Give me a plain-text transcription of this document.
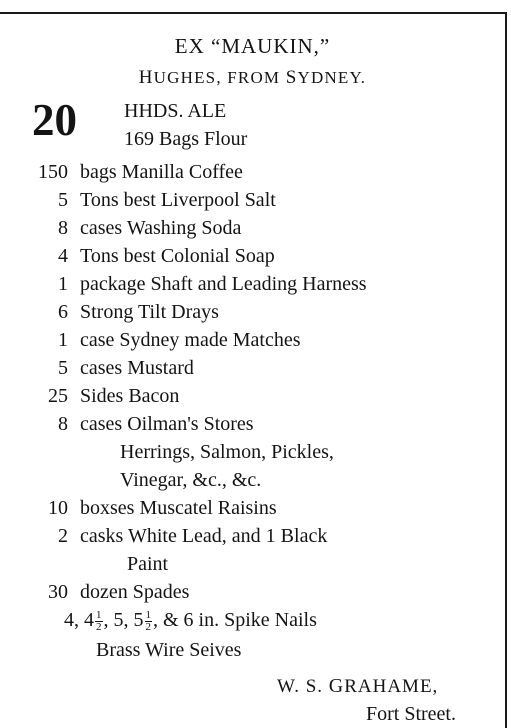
EX “MAUKIN,”
HUGHES, FROM SYDNEY.
20 HHDS. ALE
169 Bags Flour
150 bags Manilla Coffee
5 Tons best Liverpool Salt
8 cases Washing Soda
4 Tons best Colonial Soap
1 package Shaft and Leading Harness
6 Strong Tilt Drays
1 case Sydney made Matches
5 cases Mustard
25 Sides Bacon
8 cases Oilman's Stores
Herrings, Salmon, Pickles,
Vinegar, &c., &c.
10 boxses Muscatel Raisins
2 casks White Lead, and 1 Black
Paint
30 dozen Spades
4, $4 \frac{1}{2}$ , 5, $5 \frac{1}{2}$ , & 6 in. Spike Nails
Brass Wire Seives
W. S. GRAHAME,
Fort Street.
